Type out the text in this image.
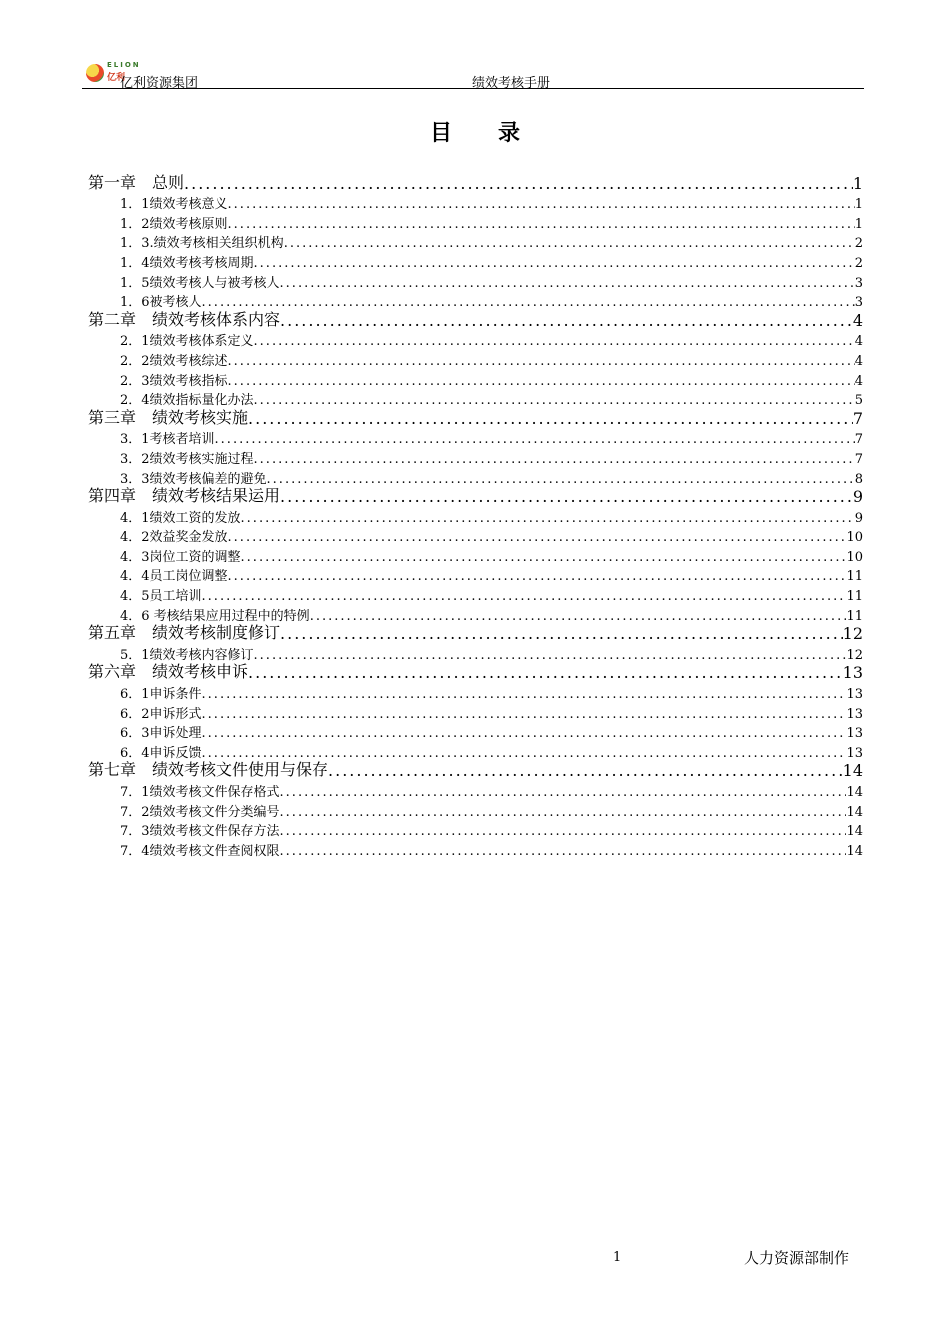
ELION
亿利
亿利资源集团	绩效考核手册
目录
第一章　总则 .....	1
1．1绩效考核意义 .....	1
1．2绩效考核原则 .....	1
1．3.绩效考核相关组织机构 .....	2
1．4绩效考核考核周期 .....	2
1．5绩效考核人与被考核人 .....	3
1．6被考核人 .....	3
第二章　绩效考核体系内容 .....	4
2．1绩效考核体系定义 .....	4
2．2绩效考核综述 .....	4
2．3绩效考核指标 .....	4
2．4绩效指标量化办法 .....	5
第三章　绩效考核实施 .....	7
3．1考核者培训 .....	7
3．2绩效考核实施过程 .....	7
3．3绩效考核偏差的避免 .....	8
第四章　绩效考核结果运用 .....	9
4．1绩效工资的发放 .....	9
4．2效益奖金发放 .....	10
4．3岗位工资的调整 .....	10
4．4员工岗位调整 .....	11
4．5员工培训 .....	11
4．6 考核结果应用过程中的特例 .....	11
第五章　绩效考核制度修订 .....	12
5．1绩效考核内容修订 .....	12
第六章　绩效考核申诉 .....	13
6．1申诉条件 .....	13
6．2申诉形式 .....	13
6．3申诉处理 .....	13
6．4申诉反馈 .....	13
第七章　绩效考核文件使用与保存 .....	14
7．1绩效考核文件保存格式 .....	14
7．2绩效考核文件分类编号 .....	14
7．3绩效考核文件保存方法 .....	14
7．4绩效考核文件查阅权限 .....	14
1	人力资源部制作
